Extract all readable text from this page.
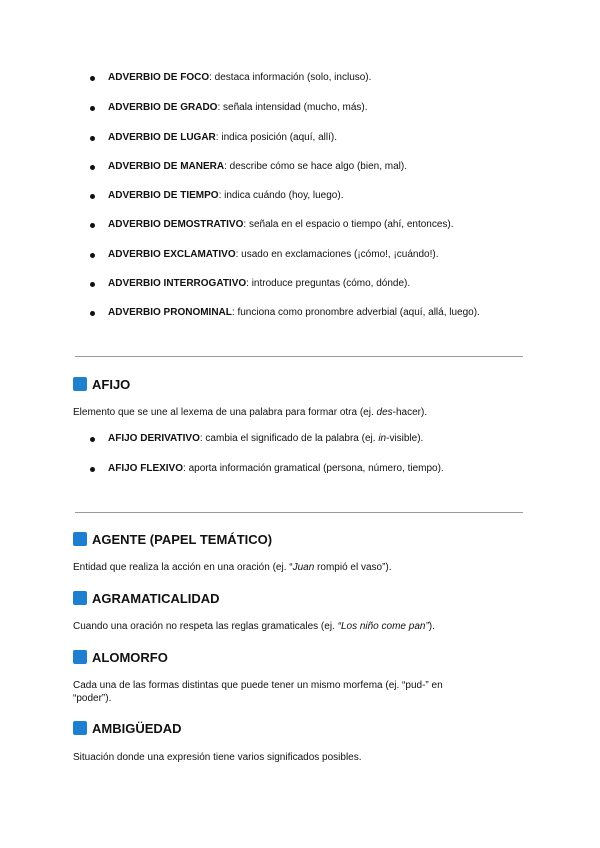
ADVERBIO DE FOCO: destaca información (solo, incluso).
ADVERBIO DE GRADO: señala intensidad (mucho, más).
ADVERBIO DE LUGAR: indica posición (aquí, allí).
ADVERBIO DE MANERA: describe cómo se hace algo (bien, mal).
ADVERBIO DE TIEMPO: indica cuándo (hoy, luego).
ADVERBIO DEMOSTRATIVO: señala en el espacio o tiempo (ahí, entonces).
ADVERBIO EXCLAMATIVO: usado en exclamaciones (¡cómo!, ¡cuándo!).
ADVERBIO INTERROGATIVO: introduce preguntas (cómo, dónde).
ADVERBIO PRONOMINAL: funciona como pronombre adverbial (aquí, allá, luego).
AFIJO
Elemento que se une al lexema de una palabra para formar otra (ej. des-hacer).
AFIJO DERIVATIVO: cambia el significado de la palabra (ej. in-visible).
AFIJO FLEXIVO: aporta información gramatical (persona, número, tiempo).
AGENTE (PAPEL TEMÁTICO)
Entidad que realiza la acción en una oración (ej. “Juan rompió el vaso”).
AGRAMATICALIDAD
Cuando una oración no respeta las reglas gramaticales (ej. “Los niño come pan”).
ALOMORFO
Cada una de las formas distintas que puede tener un mismo morfema (ej. “pud-” en
“poder”).
AMBIGÜEDAD
Situación donde una expresión tiene varios significados posibles.
